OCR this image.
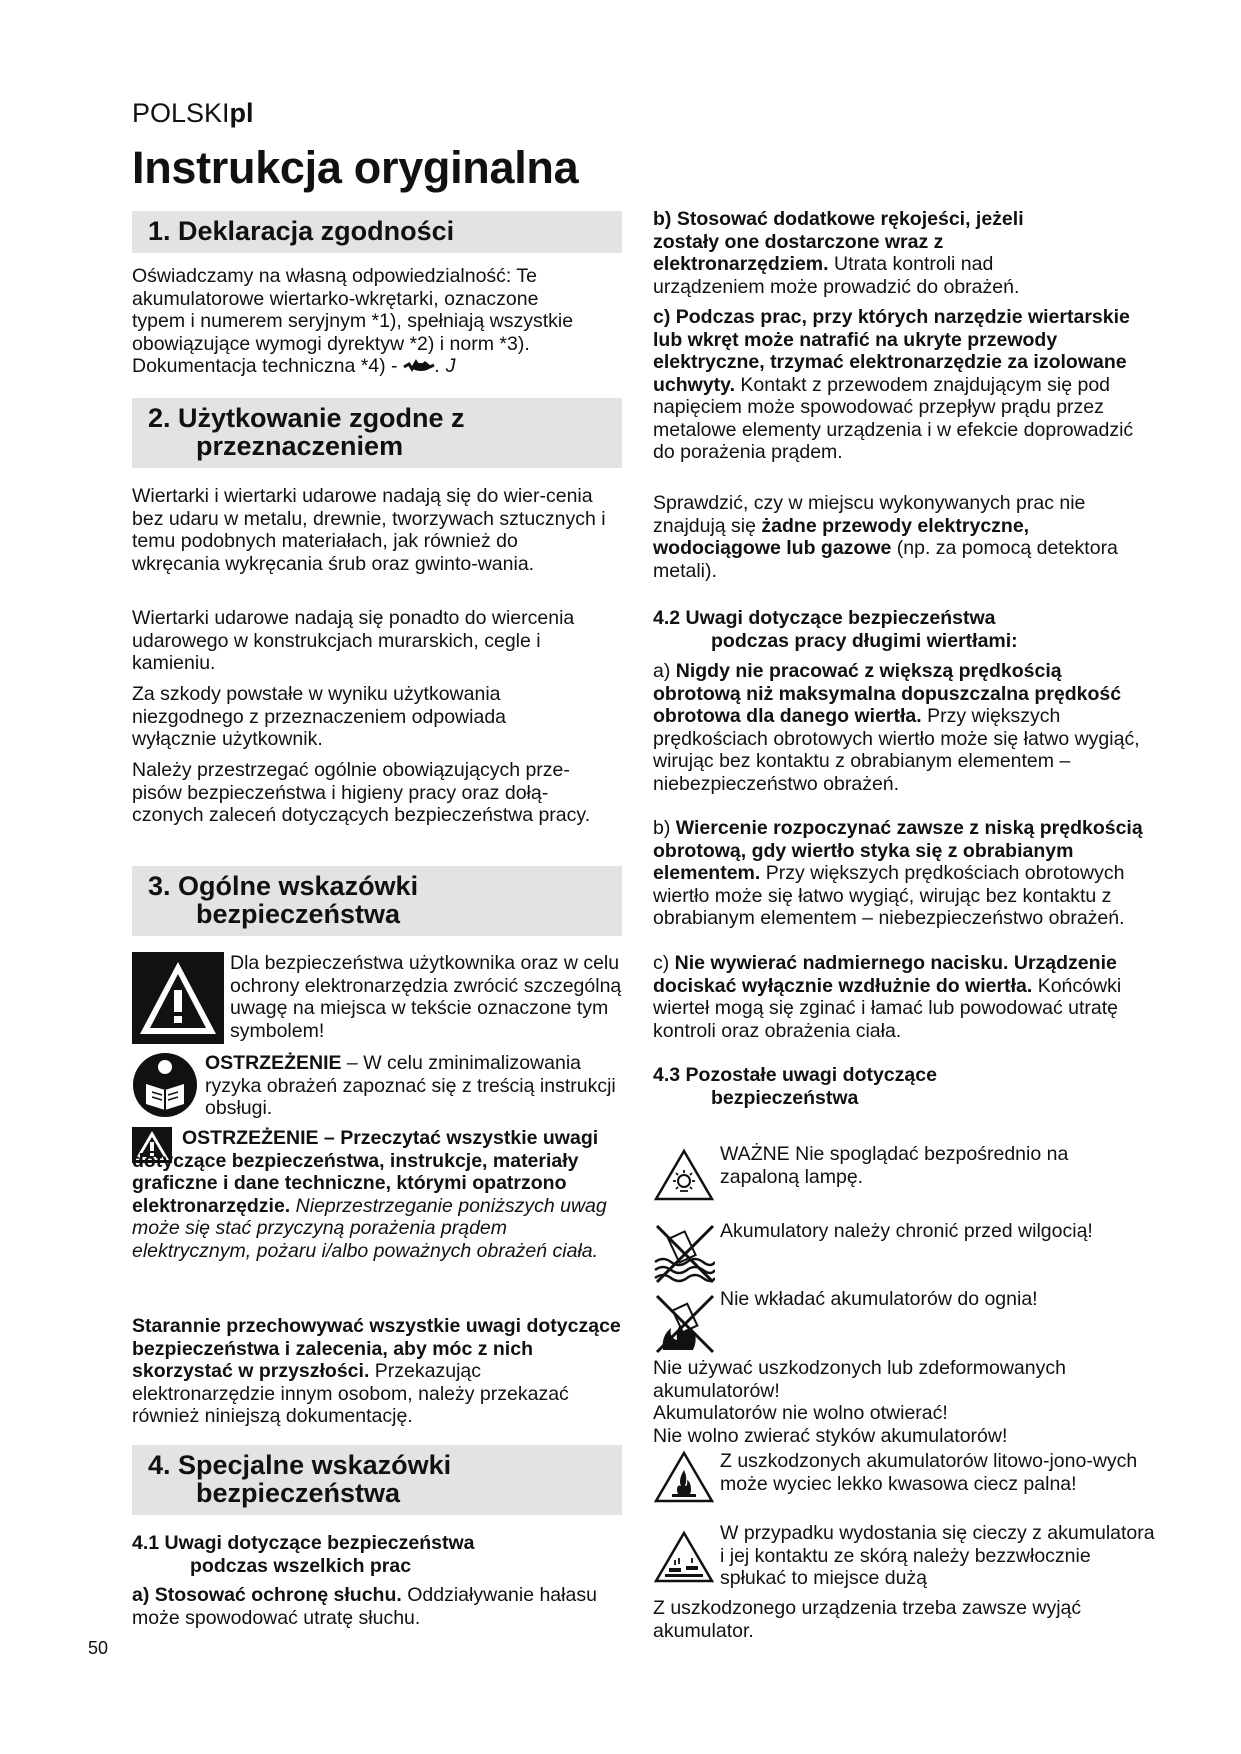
POLSKIpl
Instrukcja oryginalna
1. Deklaracja zgodności

Oświadczamy na własną odpowiedzialność: Te
akumulatorowe wiertarko-wkrętarki, oznaczone
typem i numerem seryjnym *1), spełniają wszystkie
obowiązujące wymogi dyrektyw *2) i norm *3).
Dokumentacja techniczna *4) - . J

2. Użytkowanie zgodne z
przeznaczeniem

Wiertarki i wiertarki udarowe nadają się do wier-cenia bez udaru w metalu, drewnie, tworzywach sztucznych i temu podobnych materiałach, jak również do wkręcania wykręcania śrub oraz gwinto-wania.

Wiertarki udarowe nadają się ponadto do wiercenia udarowego w konstrukcjach murarskich, cegle i kamieniu.

Za szkody powstałe w wyniku użytkowania niezgodnego z przeznaczeniem odpowiada wyłącznie użytkownik.

Należy przestrzegać ogólnie obowiązujących prze-pisów bezpieczeństwa i higieny pracy oraz dołą-czonych zaleceń dotyczących bezpieczeństwa pracy.

3. Ogólne wskazówki
bezpieczeństwa

Dla bezpieczeństwa użytkownika oraz w celu ochrony elektronarzędzia zwrócić szczególną uwagę na miejsca w tekście oznaczone tym symbolem!

OSTRZEŻENIE – W celu zminimalizowania ryzyka obrażeń zapoznać się z treścią instrukcji obsługi.

OSTRZEŻENIE – Przeczytać wszystkie uwagi dotyczące bezpieczeństwa, instrukcje, materiały graficzne i dane techniczne, którymi opatrzono elektronarzędzie. Nieprzestrzeganie poniższych uwag może się stać przyczyną porażenia prądem elektrycznym, pożaru i/albo poważnych obrażeń ciała.

Starannie przechowywać wszystkie uwagi dotyczące bezpieczeństwa i zalecenia, aby móc z nich skorzystać w przyszłości. Przekazując elektronarzędzie innym osobom, należy przekazać również niniejszą dokumentację.

4. Specjalne wskazówki
bezpieczeństwa

4.1 Uwagi dotyczące bezpieczeństwa
podczas wszelkich prac

a) Stosować ochronę słuchu. Oddziaływanie hałasu może spowodować utratę słuchu.

b) Stosować dodatkowe rękojeści, jeżeli zostały one dostarczone wraz z elektronarzędziem. Utrata kontroli nad urządzeniem może prowadzić do obrażeń.

c) Podczas prac, przy których narzędzie wiertarskie lub wkręt może natrafić na ukryte przewody elektryczne, trzymać elektronarzędzie za izolowane uchwyty. Kontakt z przewodem znajdującym się pod napięciem może spowodować przepływ prądu przez metalowe elementy urządzenia i w efekcie doprowadzić do porażenia prądem.

Sprawdzić, czy w miejscu wykonywanych prac nie znajdują się żadne przewody elektryczne, wodociągowe lub gazowe (np. za pomocą detektora metali).

4.2 Uwagi dotyczące bezpieczeństwa
podczas pracy długimi wiertłami:

a) Nigdy nie pracować z większą prędkością obrotową niż maksymalna dopuszczalna prędkość obrotowa dla danego wiertła. Przy większych prędkościach obrotowych wiertło może się łatwo wygiąć, wirując bez kontaktu z obrabianym elementem – niebezpieczeństwo obrażeń.

b) Wiercenie rozpoczynać zawsze z niską prędkością obrotową, gdy wiertło styka się z obrabianym elementem. Przy większych prędkościach obrotowych wiertło może się łatwo wygiąć, wirując bez kontaktu z obrabianym elementem – niebezpieczeństwo obrażeń.

c) Nie wywierać nadmiernego nacisku. Urządzenie dociskać wyłącznie wzdłużnie do wiertła. Końcówki wierteł mogą się zginać i łamać lub powodować utratę kontroli oraz obrażenia ciała.

4.3 Pozostałe uwagi dotyczące
bezpieczeństwa

WAŻNE Nie spoglądać bezpośrednio na zapaloną lampę.

Akumulatory należy chronić przed wilgocią!

Nie wkładać akumulatorów do ognia!

Nie używać uszkodzonych lub zdeformowanych akumulatorów!
Akumulatorów nie wolno otwierać!
Nie wolno zwierać styków akumulatorów!

Z uszkodzonych akumulatorów litowo-jono-wych może wyciec lekko kwasowa ciecz palna!

W przypadku wydostania się cieczy z akumulatora i jej kontaktu ze skórą należy bezzwłocznie spłukać to miejsce dużą

Z uszkodzonego urządzenia trzeba zawsze wyjąć akumulator.

50
